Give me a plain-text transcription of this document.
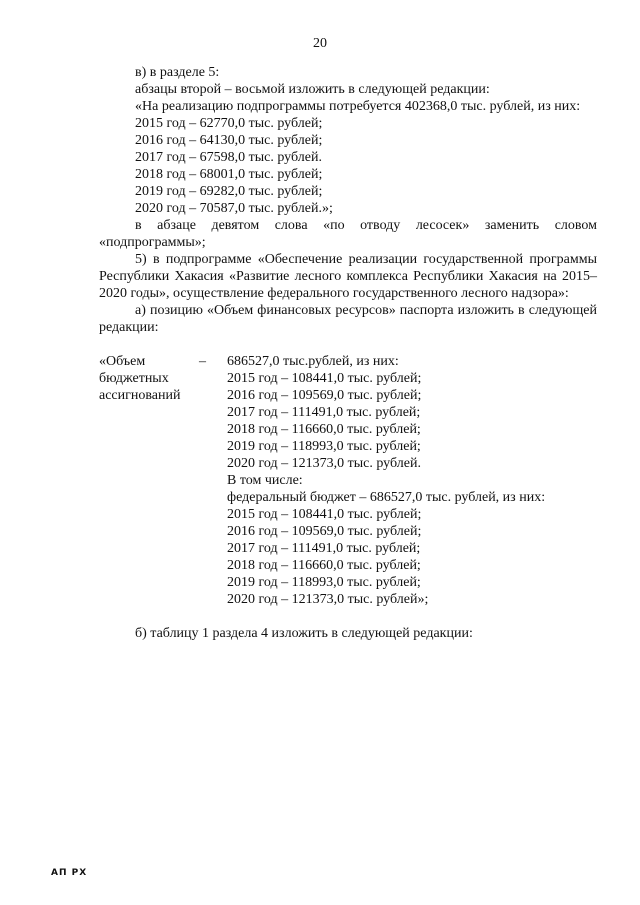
20
в) в разделе 5:
абзацы второй – восьмой изложить в следующей редакции:
«На реализацию подпрограммы потребуется 402368,0 тыс. рублей, из них:
2015 год – 62770,0 тыс. рублей;
2016 год – 64130,0 тыс. рублей;
2017 год – 67598,0 тыс. рублей.
2018 год – 68001,0 тыс. рублей;
2019 год – 69282,0 тыс. рублей;
2020 год – 70587,0 тыс. рублей.»;
в абзаце девятом слова «по отводу лесосек» заменить словом
«подпрограммы»;
5) в подпрограмме «Обеспечение реализации государственной программы Республики Хакасия «Развитие лесного комплекса Республики Хакасия на 2015–2020 годы», осуществление федерального государственного лесного надзора»:
а) позицию «Объем финансовых ресурсов» паспорта изложить в следующей редакции:
«Объем
бюджетных
ассигнований
–	686527,0 тыс.рублей, из них:
2015 год – 108441,0 тыс. рублей;
2016 год – 109569,0 тыс. рублей;
2017 год – 111491,0 тыс. рублей;
2018 год – 116660,0 тыс. рублей;
2019 год – 118993,0 тыс. рублей;
2020 год – 121373,0 тыс. рублей.
В том числе:
федеральный бюджет – 686527,0 тыс. рублей, из них:
2015 год – 108441,0 тыс. рублей;
2016 год – 109569,0 тыс. рублей;
2017 год – 111491,0 тыс. рублей;
2018 год – 116660,0 тыс. рублей;
2019 год – 118993,0 тыс. рублей;
2020 год – 121373,0 тыс. рублей»;
б) таблицу 1 раздела 4 изложить в следующей редакции:
АП РХ
